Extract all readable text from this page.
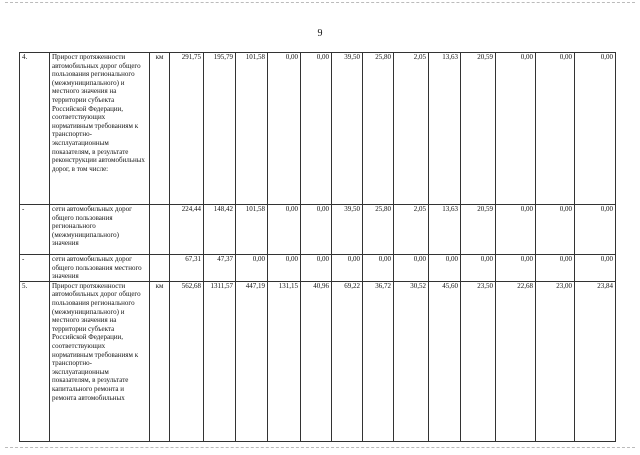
9
4.	Прирост протяженности автомобильных дорог общего пользования регионального (межмуниципального) и местного значения на территории субъекта Российской Федерации, соответствующих нормативным требованиям к транспортно-эксплуатационным показателям, в результате реконструкции автомобильных дорог, в том числе:	км	291,75	195,79	101,58	0,00	0,00	39,50	25,80	2,05	13,63	20,59	0,00	0,00	0,00
-	сети автомобильных дорог общего пользования регионального (межмуниципального) значения		224,44	148,42	101,58	0,00	0,00	39,50	25,80	2,05	13,63	20,59	0,00	0,00	0,00
-	сети автомобильных дорог общего пользования местного значения		67,31	47,37	0,00	0,00	0,00	0,00	0,00	0,00	0,00	0,00	0,00	0,00	0,00
5.	Прирост протяженности автомобильных дорог общего пользования регионального (межмуниципального) и местного значения на территории субъекта Российской Федерации, соответствующих нормативным требованиям к транспортно-эксплуатационным показателям, в результате капитального ремонта и ремонта автомобильных	км	562,68	1311,57	447,19	131,15	40,96	69,22	36,72	30,52	45,60	23,50	22,68	23,00	23,84
